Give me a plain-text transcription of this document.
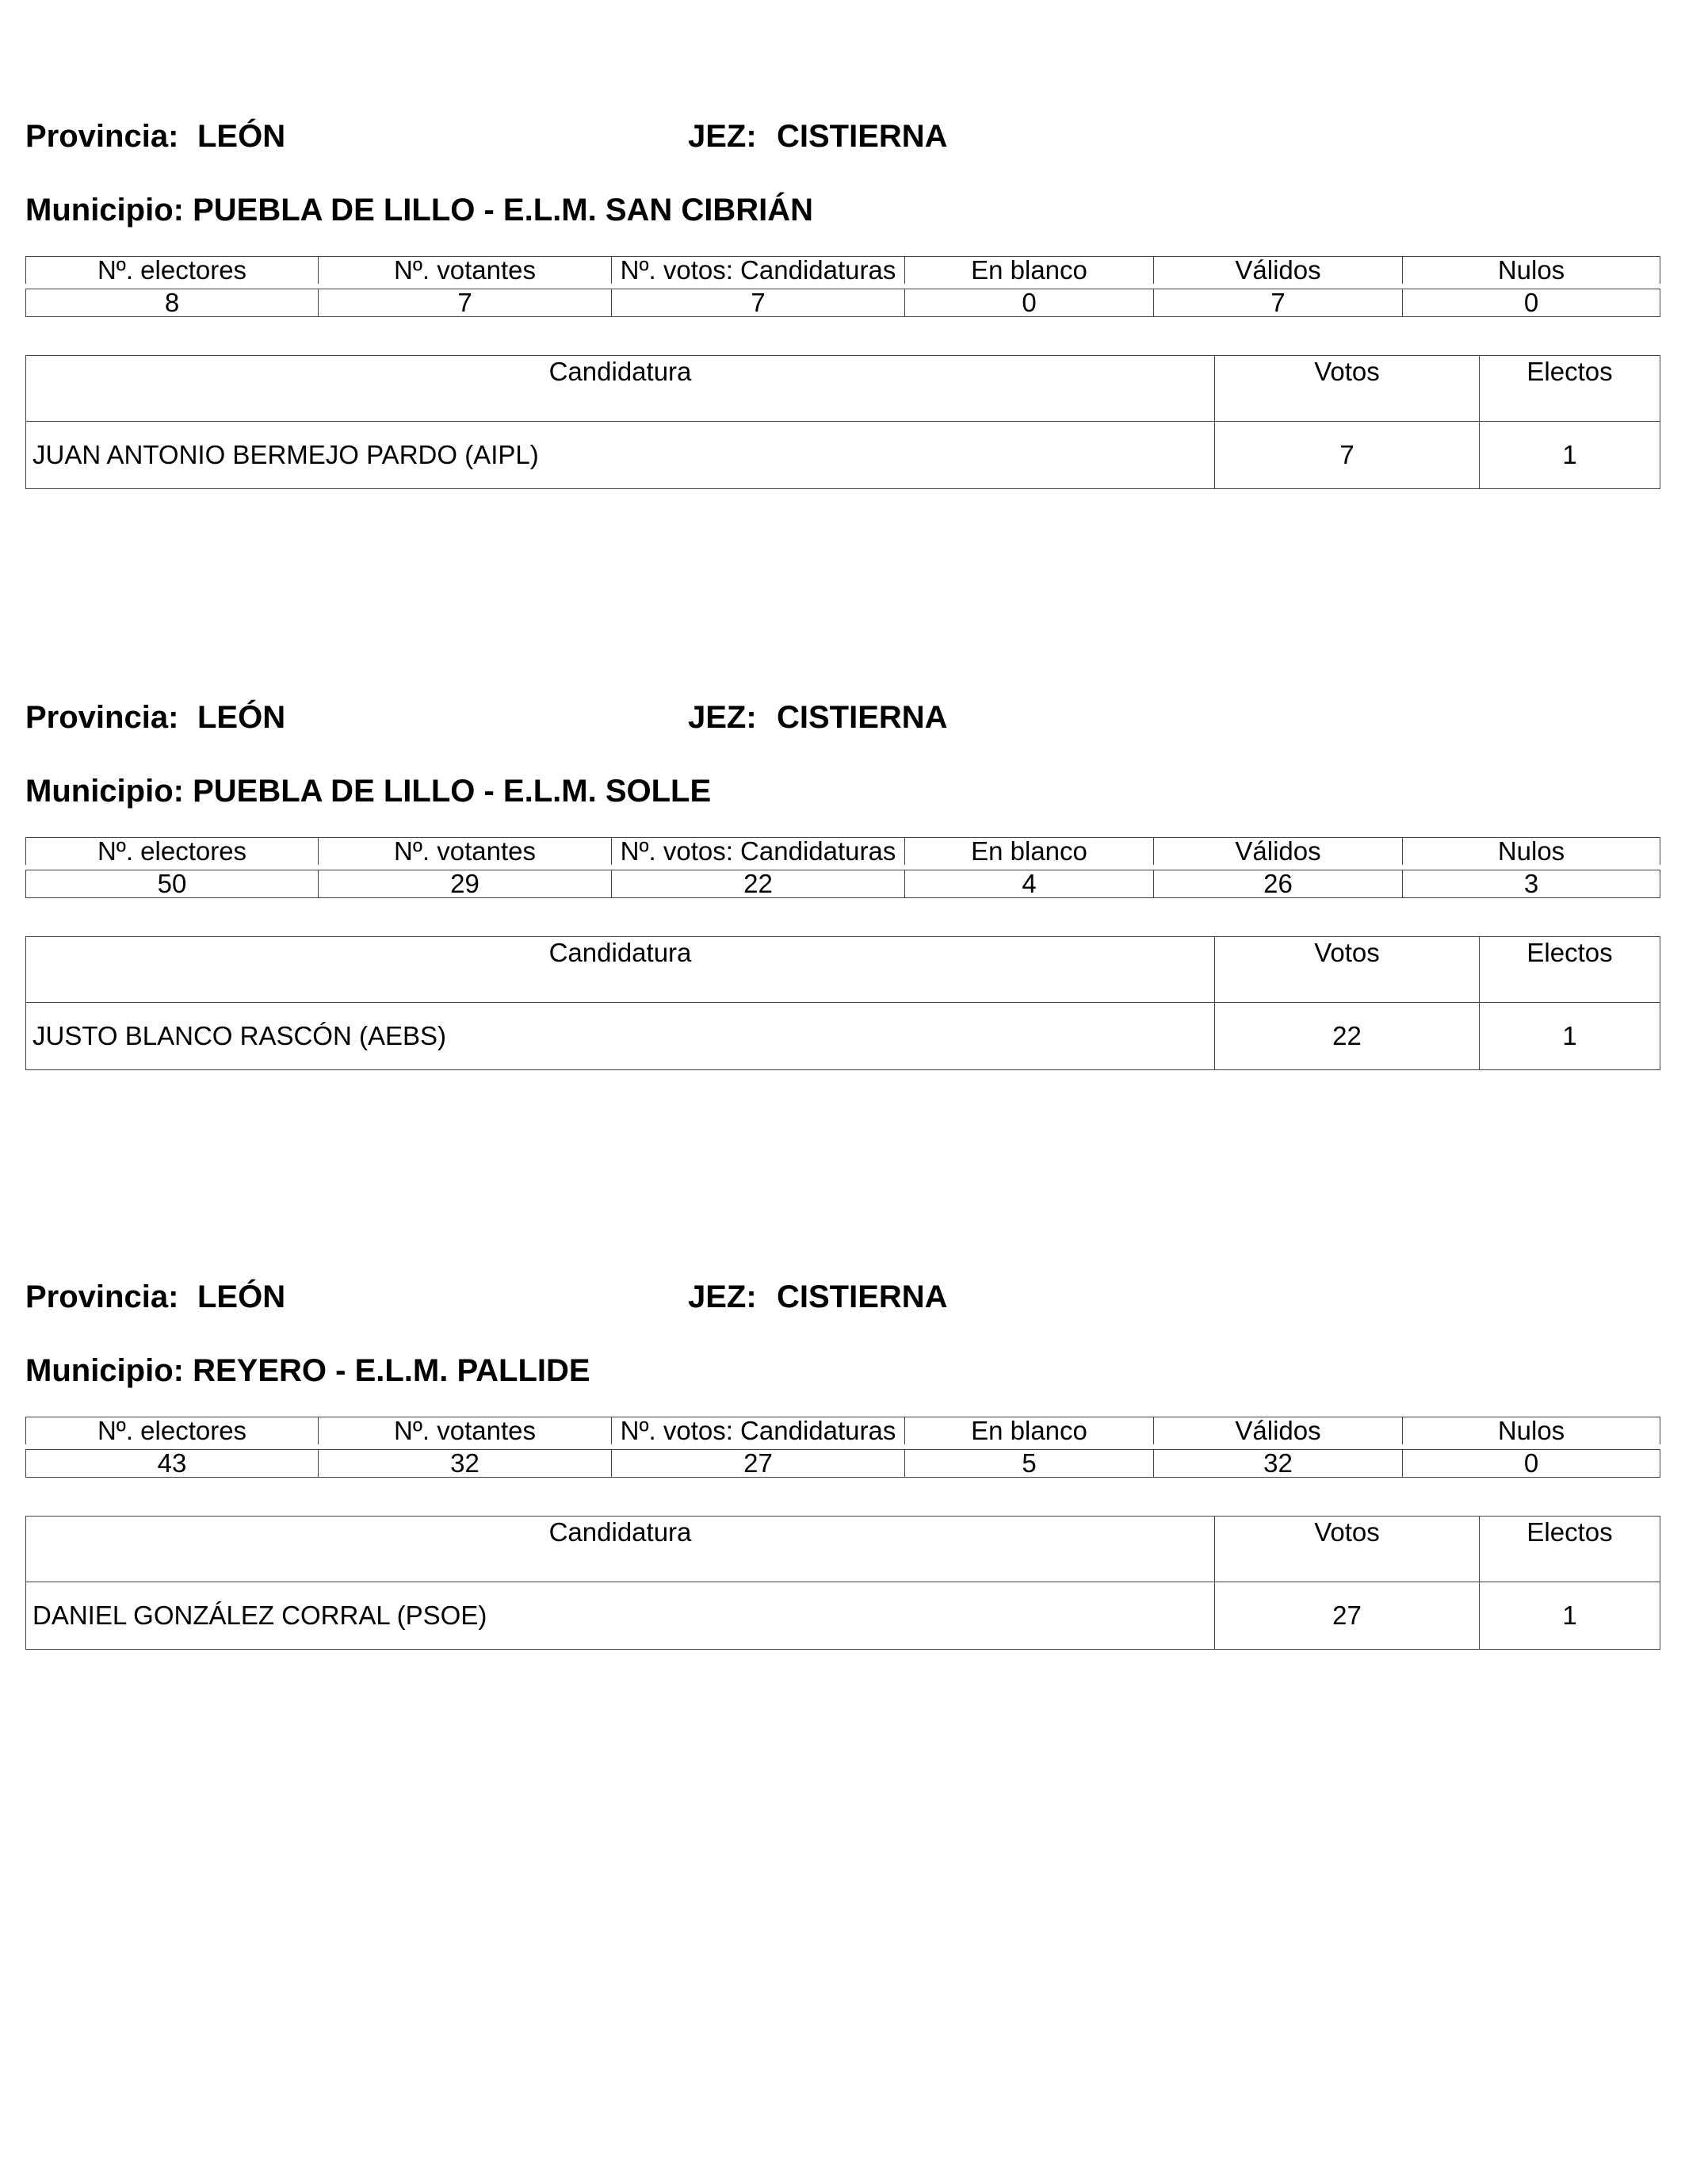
Provincia: LEÓN	JEZ: CISTIERNA
Municipio: PUEBLA DE LILLO - E.L.M. SAN CIBRIÁN
Nº. electores	Nº. votantes	Nº. votos: Candidaturas	En blanco	Válidos	Nulos

8	7	7	0	7	0
Candidatura	Votos	Electos
JUAN ANTONIO BERMEJO PARDO (AIPL)	7	1
Provincia: LEÓN	JEZ: CISTIERNA
Municipio: PUEBLA DE LILLO - E.L.M. SOLLE
Nº. electores	Nº. votantes	Nº. votos: Candidaturas	En blanco	Válidos	Nulos

50	29	22	4	26	3
Candidatura	Votos	Electos
JUSTO BLANCO RASCÓN (AEBS)	22	1
Provincia: LEÓN	JEZ: CISTIERNA
Municipio: REYERO - E.L.M. PALLIDE
Nº. electores	Nº. votantes	Nº. votos: Candidaturas	En blanco	Válidos	Nulos

43	32	27	5	32	0
Candidatura	Votos	Electos
DANIEL GONZÁLEZ CORRAL (PSOE)	27	1
